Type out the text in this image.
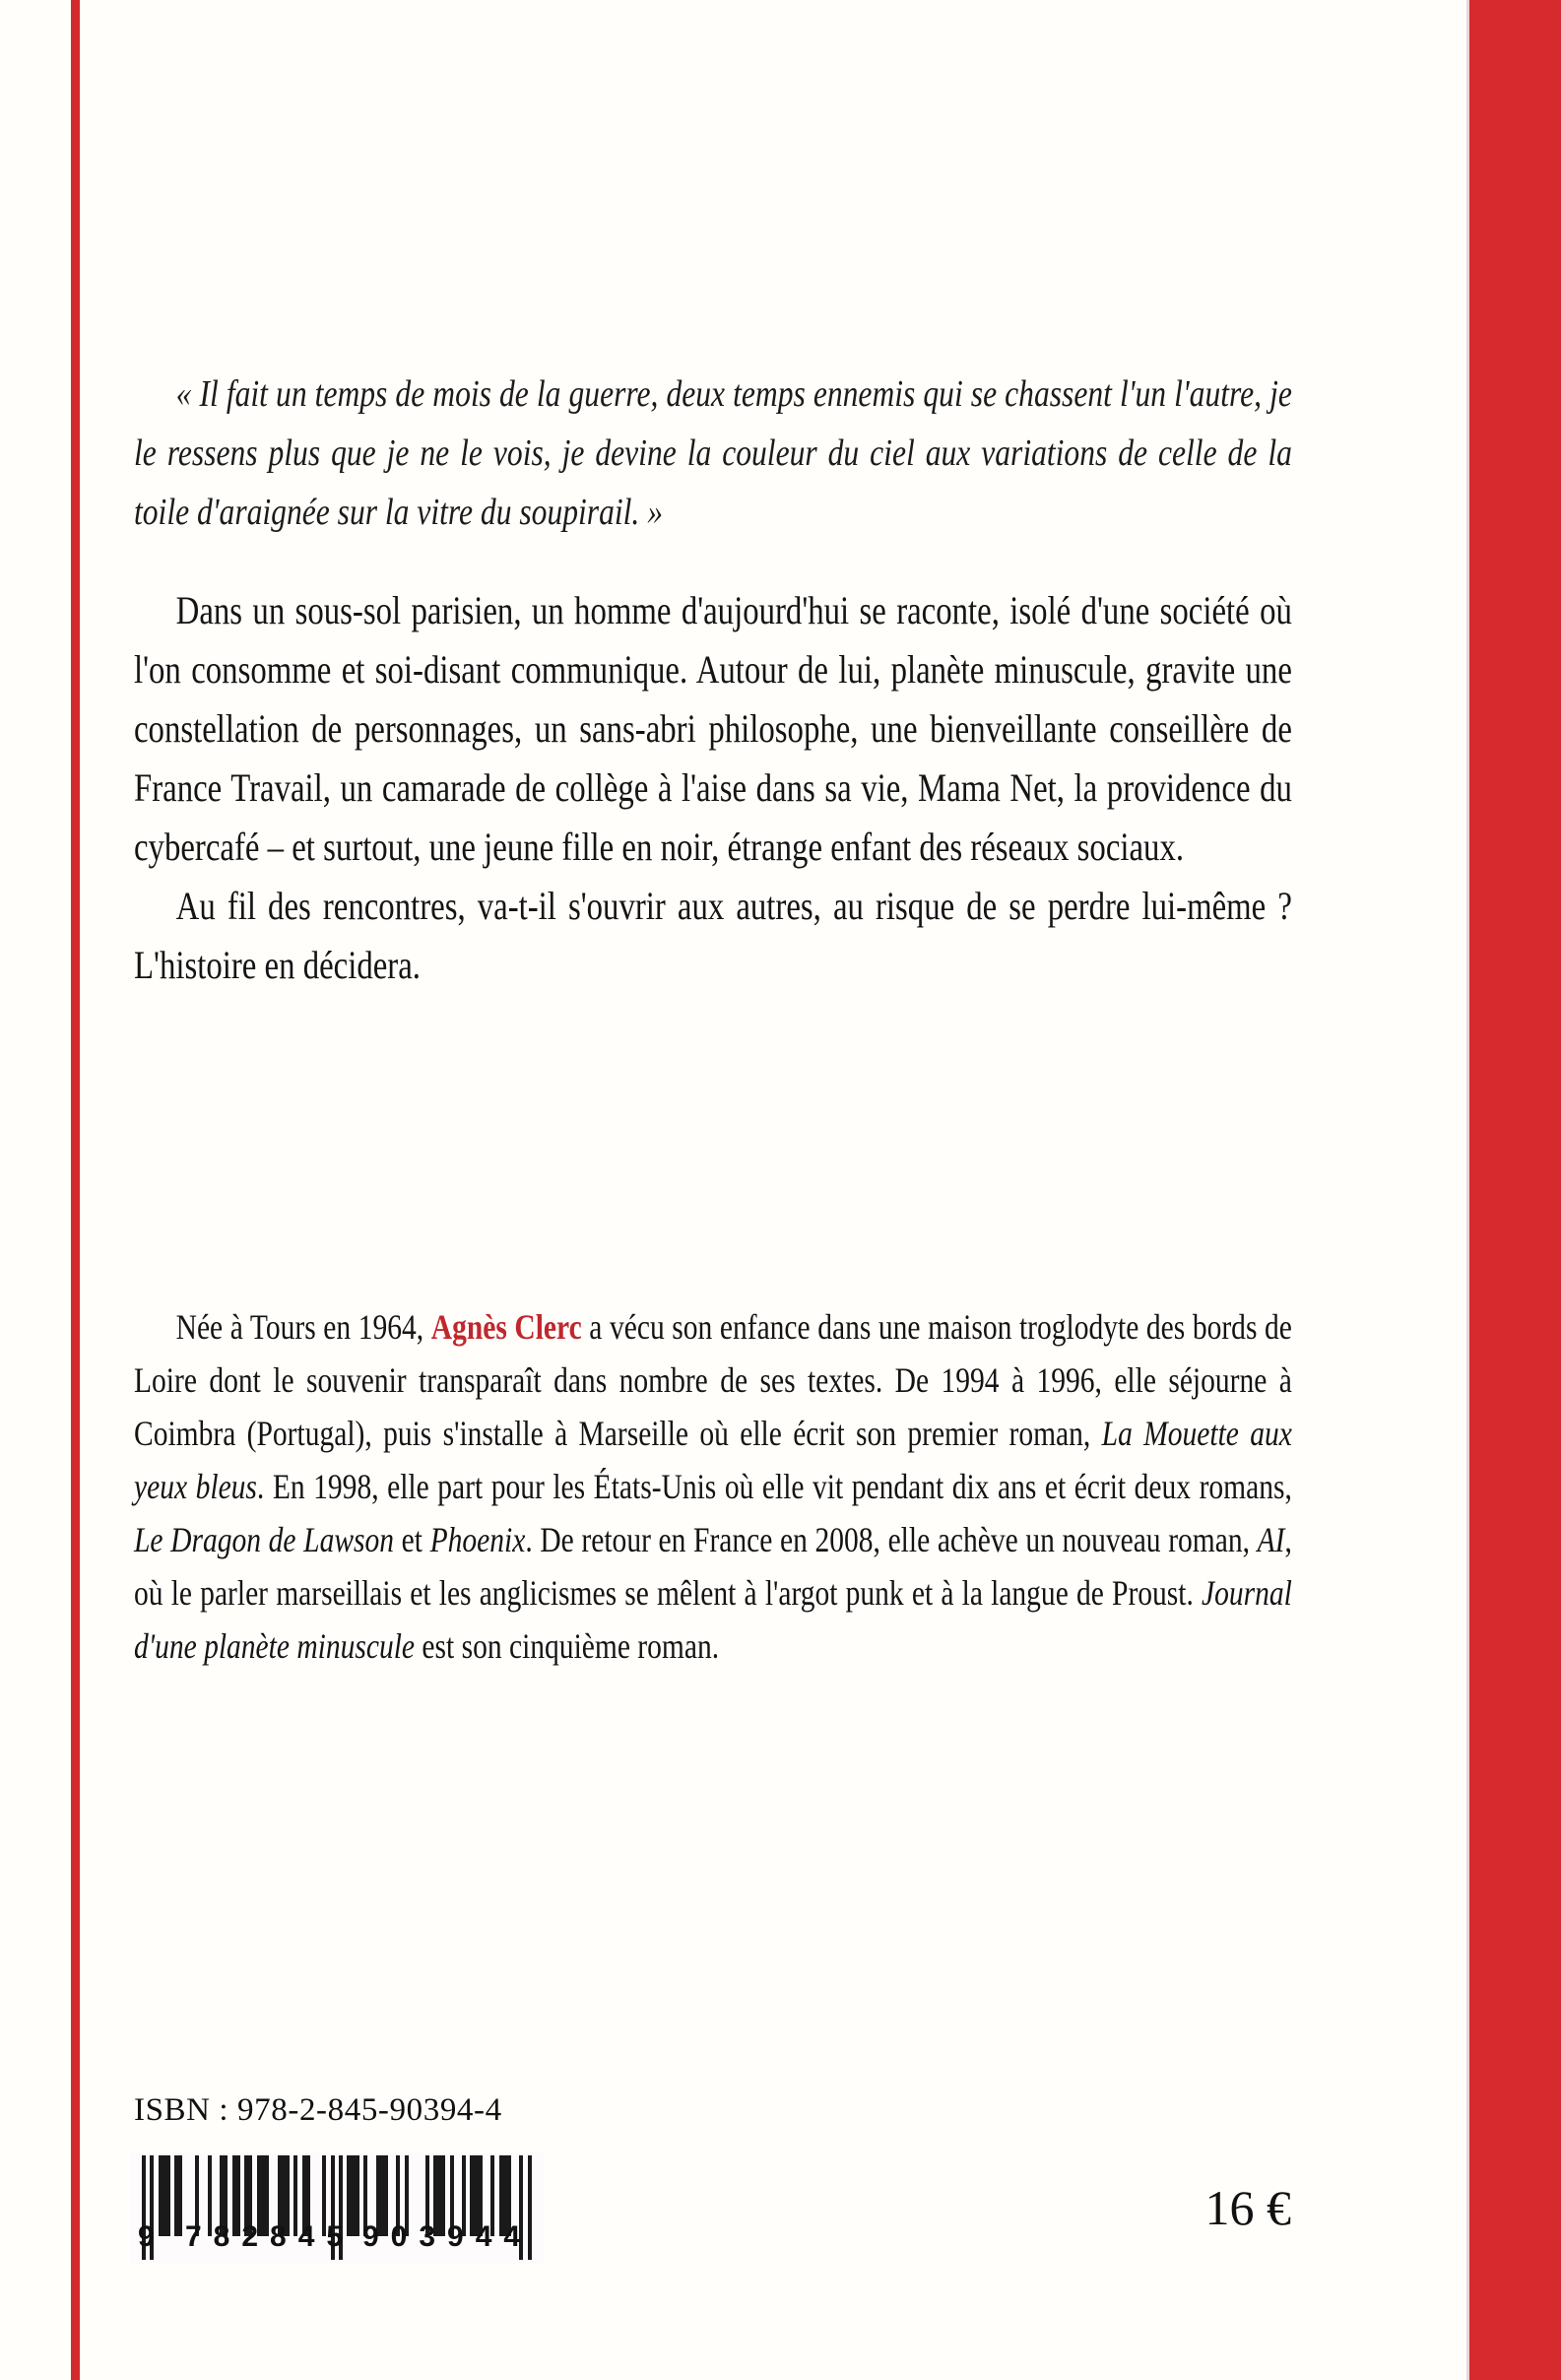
« Il fait un temps de mois de la guerre, deux temps ennemis qui se chassent l'un l'autre, je le ressens plus que je ne le vois, je devine la couleur du ciel aux variations de celle de la toile d'araignée sur la vitre du soupirail. »

Dans un sous-sol parisien, un homme d'aujourd'hui se raconte, isolé d'une société où l'on consomme et soi-disant communique. Autour de lui, planète minuscule, gravite une constellation de personnages, un sans-abri philosophe, une bienveillante conseillère de France Travail, un camarade de collège à l'aise dans sa vie, Mama Net, la providence du cybercafé – et surtout, une jeune fille en noir, étrange enfant des réseaux sociaux.
Au fil des rencontres, va-t-il s'ouvrir aux autres, au risque de se perdre lui-même ? L'histoire en décidera.

Née à Tours en 1964, Agnès Clerc a vécu son enfance dans une maison troglodyte des bords de Loire dont le souvenir transparaît dans nombre de ses textes. De 1994 à 1996, elle séjourne à Coimbra (Portugal), puis s'installe à Marseille où elle écrit son premier roman, La Mouette aux yeux bleus. En 1998, elle part pour les États-Unis où elle vit pendant dix ans et écrit deux romans, Le Dragon de Lawson et Phoenix. De retour en France en 2008, elle achève un nouveau roman, AI, où le parler marseillais et les anglicismes se mêlent à l'argot punk et à la langue de Proust. Journal d'une planète minuscule est son cinquième roman.

ISBN : 978-2-845-90394-4
9 782845 903944
16 €
